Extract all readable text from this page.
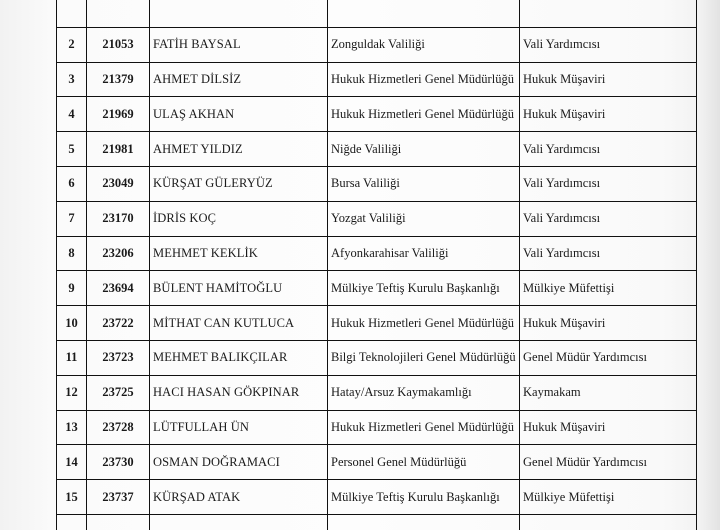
2	21053	FATİH BAYSAL	Zonguldak Valiliği	Vali Yardımcısı
3	21379	AHMET DİLSİZ	Hukuk Hizmetleri Genel Müdürlüğü	Hukuk Müşaviri
4	21969	ULAŞ AKHAN	Hukuk Hizmetleri Genel Müdürlüğü	Hukuk Müşaviri
5	21981	AHMET YILDIZ	Niğde Valiliği	Vali Yardımcısı
6	23049	KÜRŞAT GÜLERYÜZ	Bursa Valiliği	Vali Yardımcısı
7	23170	İDRİS KOÇ	Yozgat Valiliği	Vali Yardımcısı
8	23206	MEHMET KEKLİK	Afyonkarahisar Valiliği	Vali Yardımcısı
9	23694	BÜLENT HAMİTOĞLU	Mülkiye Teftiş Kurulu Başkanlığı	Mülkiye Müfettişi
10	23722	MİTHAT CAN KUTLUCA	Hukuk Hizmetleri Genel Müdürlüğü	Hukuk Müşaviri
11	23723	MEHMET BALIKÇILAR	Bilgi Teknolojileri Genel Müdürlüğü	Genel Müdür Yardımcısı
12	23725	HACI HASAN GÖKPINAR	Hatay/Arsuz Kaymakamlığı	Kaymakam
13	23728	LÜTFULLAH ÜN	Hukuk Hizmetleri Genel Müdürlüğü	Hukuk Müşaviri
14	23730	OSMAN DOĞRAMACI	Personel Genel Müdürlüğü	Genel Müdür Yardımcısı
15	23737	KÜRŞAD ATAK	Mülkiye Teftiş Kurulu Başkanlığı	Mülkiye Müfettişi
